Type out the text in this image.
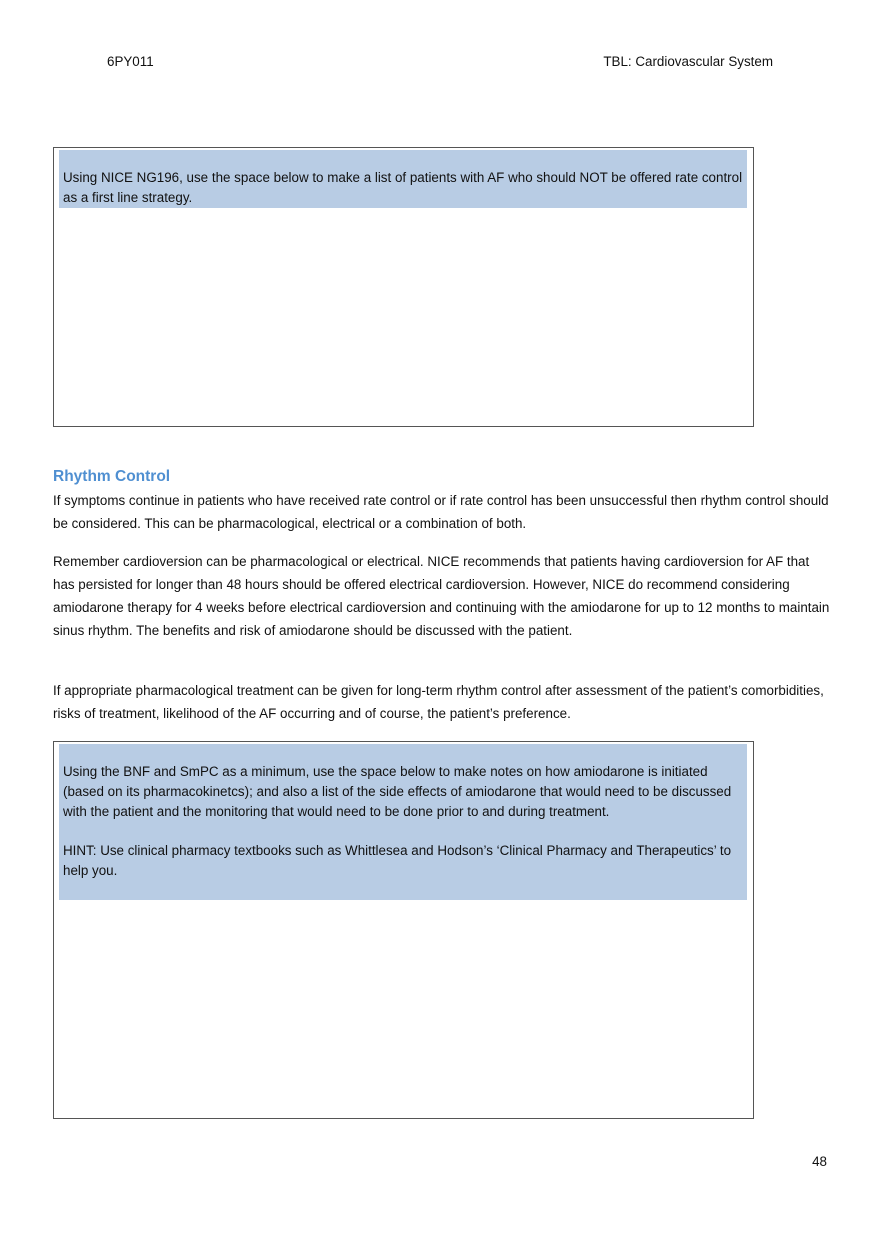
6PY011	TBL: Cardiovascular System

Using NICE NG196, use the space below to make a list of patients with AF who should NOT be offered rate control as a first line strategy.

Rhythm Control

If symptoms continue in patients who have received rate control or if rate control has been unsuccessful then rhythm control should be considered. This can be pharmacological, electrical or a combination of both.

Remember cardioversion can be pharmacological or electrical. NICE recommends that patients having cardioversion for AF that has persisted for longer than 48 hours should be offered electrical cardioversion. However, NICE do recommend considering amiodarone therapy for 4 weeks before electrical cardioversion and continuing with the amiodarone for up to 12 months to maintain sinus rhythm. The benefits and risk of amiodarone should be discussed with the patient.

If appropriate pharmacological treatment can be given for long-term rhythm control after assessment of the patient’s comorbidities, risks of treatment, likelihood of the AF occurring and of course, the patient’s preference.

Using the BNF and SmPC as a minimum, use the space below to make notes on how amiodarone is initiated (based on its pharmacokinetcs); and also a list of the side effects of amiodarone that would need to be discussed with the patient and the monitoring that would need to be done prior to and during treatment.

HINT: Use clinical pharmacy textbooks such as Whittlesea and Hodson’s ‘Clinical Pharmacy and Therapeutics’ to help you.

48
